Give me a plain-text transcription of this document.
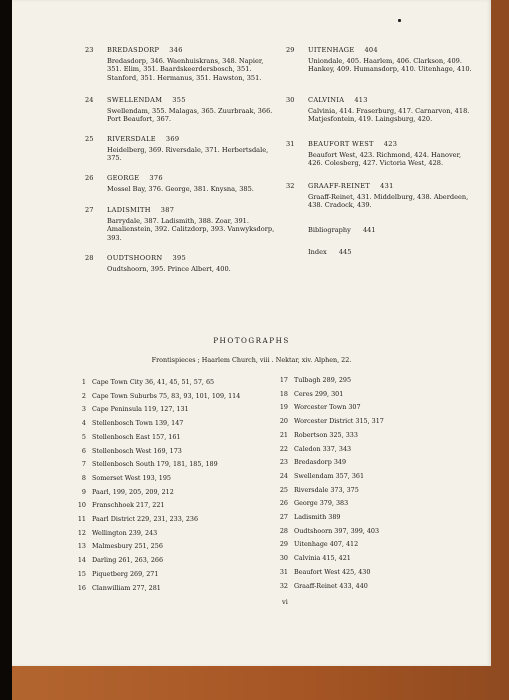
23 BREDASDORP 346
Bredasdorp, 346. Waenhuiskrans, 348. Napier, 351. Elim, 351. Baardskeerdersbosch, 351. Stanford, 351. Hermanus, 351. Hawston, 351.
24 SWELLENDAM 355
Swellendam, 355. Malagas, 365. Zuurbraak, 366. Port Beaufort, 367.
25 RIVERSDALE 369
Heidelberg, 369. Riversdale, 371. Herbertsdale, 375.
26 GEORGE 376
Mossel Bay, 376. George, 381. Knysna, 385.
27 LADISMITH 387
Barrydale, 387. Ladismith, 388. Zoar, 391. Amalienstein, 392. Calitzdorp, 393. Vanwyksdorp, 393.
28 OUDTSHOORN 395
Oudtshoorn, 395. Prince Albert, 400.
29 UITENHAGE 404
Uniondale, 405. Haarlem, 406. Clarkson, 409. Hankey, 409. Humansdorp, 410. Uitenhage, 410.
30 CALVINIA 413
Calvinia, 414. Fraserburg, 417. Carnarvon, 418. Matjesfontein, 419. Laingsburg, 420.
31 BEAUFORT WEST 423
Beaufort West, 423. Richmond, 424. Hanover, 426. Colesberg, 427. Victoria West, 428.
32 GRAAFF-REINET 431
Graaff-Reinet, 431. Middelburg, 438. Aberdeen, 438. Cradock, 439.
Bibliography 441
Index 445
PHOTOGRAPHS
Frontispieces ; Haarlem Church, viii . Nektar, xiv. Alphen, 22.
1 Cape Town City 36, 41, 45, 51, 57, 65
2 Cape Town Suburbs 75, 83, 93, 101, 109, 114
3 Cape Peninsula 119, 127, 131
4 Stellenbosch Town 139, 147
5 Stellenbosch East 157, 161
6 Stellenbosch West 169, 173
7 Stellenbosch South 179, 181, 185, 189
8 Somerset West 193, 195
9 Paarl, 199, 205, 209, 212
10 Franschhoek 217, 221
11 Paarl District 229, 231, 233, 236
12 Wellington 239, 243
13 Malmesbury 251, 256
14 Darling 261, 263, 266
15 Piquetberg 269, 271
16 Clanwilliam 277, 281
17 Tulbagh 289, 295
18 Ceres 299, 301
19 Worcester Town 307
20 Worcester District 315, 317
21 Robertson 325, 333
22 Caledon 337, 343
23 Bredasdorp 349
24 Swellendam 357, 361
25 Riversdale 373, 375
26 George 379, 383
27 Ladismith 389
28 Oudtshoorn 397, 399, 403
29 Uitenhage 407, 412
30 Calvinia 415, 421
31 Beaufort West 425, 430
32 Graaff-Reinet 433, 440
vi
